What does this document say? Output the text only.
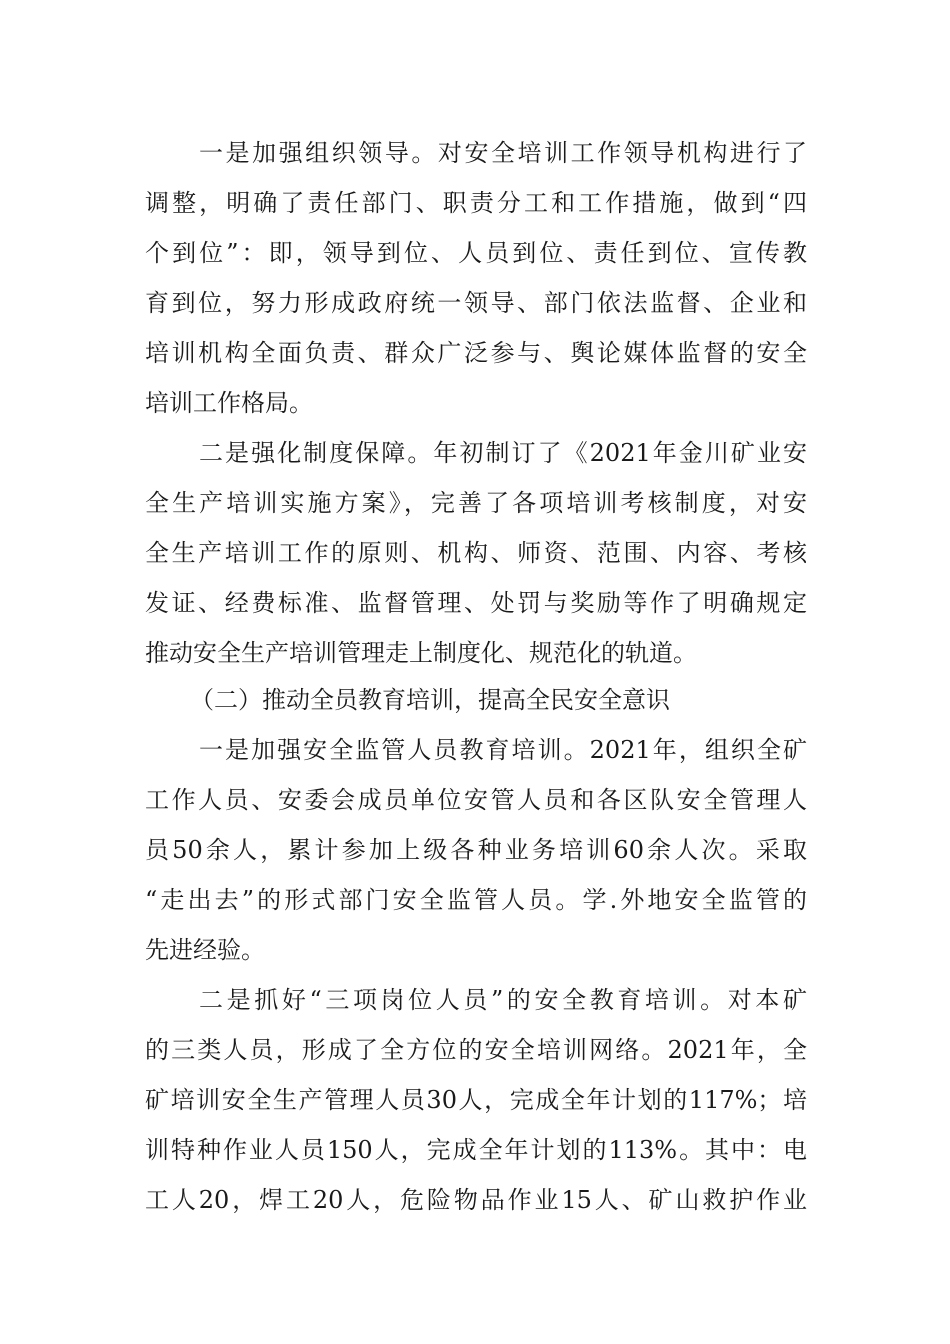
一是加强组织领导。对安全培训工作领导机构进行了
调整，明确了责任部门、职责分工和工作措施，做到“四
个到位”：即，领导到位、人员到位、责任到位、宣传教
育到位，努力形成政府统一领导、部门依法监督、企业和
培训机构全面负责、群众广泛参与、舆论媒体监督的安全
培训工作格局。
二是强化制度保障。年初制订了《2021年金川矿业安
全生产培训实施方案》，完善了各项培训考核制度，对安
全生产培训工作的原则、机构、师资、范围、内容、考核
发证、经费标准、监督管理、处罚与奖励等作了明确规定
推动安全生产培训管理走上制度化、规范化的轨道。
（二）推动全员教育培训，提高全民安全意识
一是加强安全监管人员教育培训。2021年，组织全矿
工作人员、安委会成员单位安管人员和各区队安全管理人
员50余人，累计参加上级各种业务培训60余人次。采取
“走出去”的形式部门安全监管人员。学.外地安全监管的
先进经验。
二是抓好“三项岗位人员”的安全教育培训。对本矿
的三类人员，形成了全方位的安全培训网络。2021年，全
矿培训安全生产管理人员30人，完成全年计划的117%；培
训特种作业人员150人，完成全年计划的113%。其中：电
工人20，焊工20人，危险物品作业15人、矿山救护作业
